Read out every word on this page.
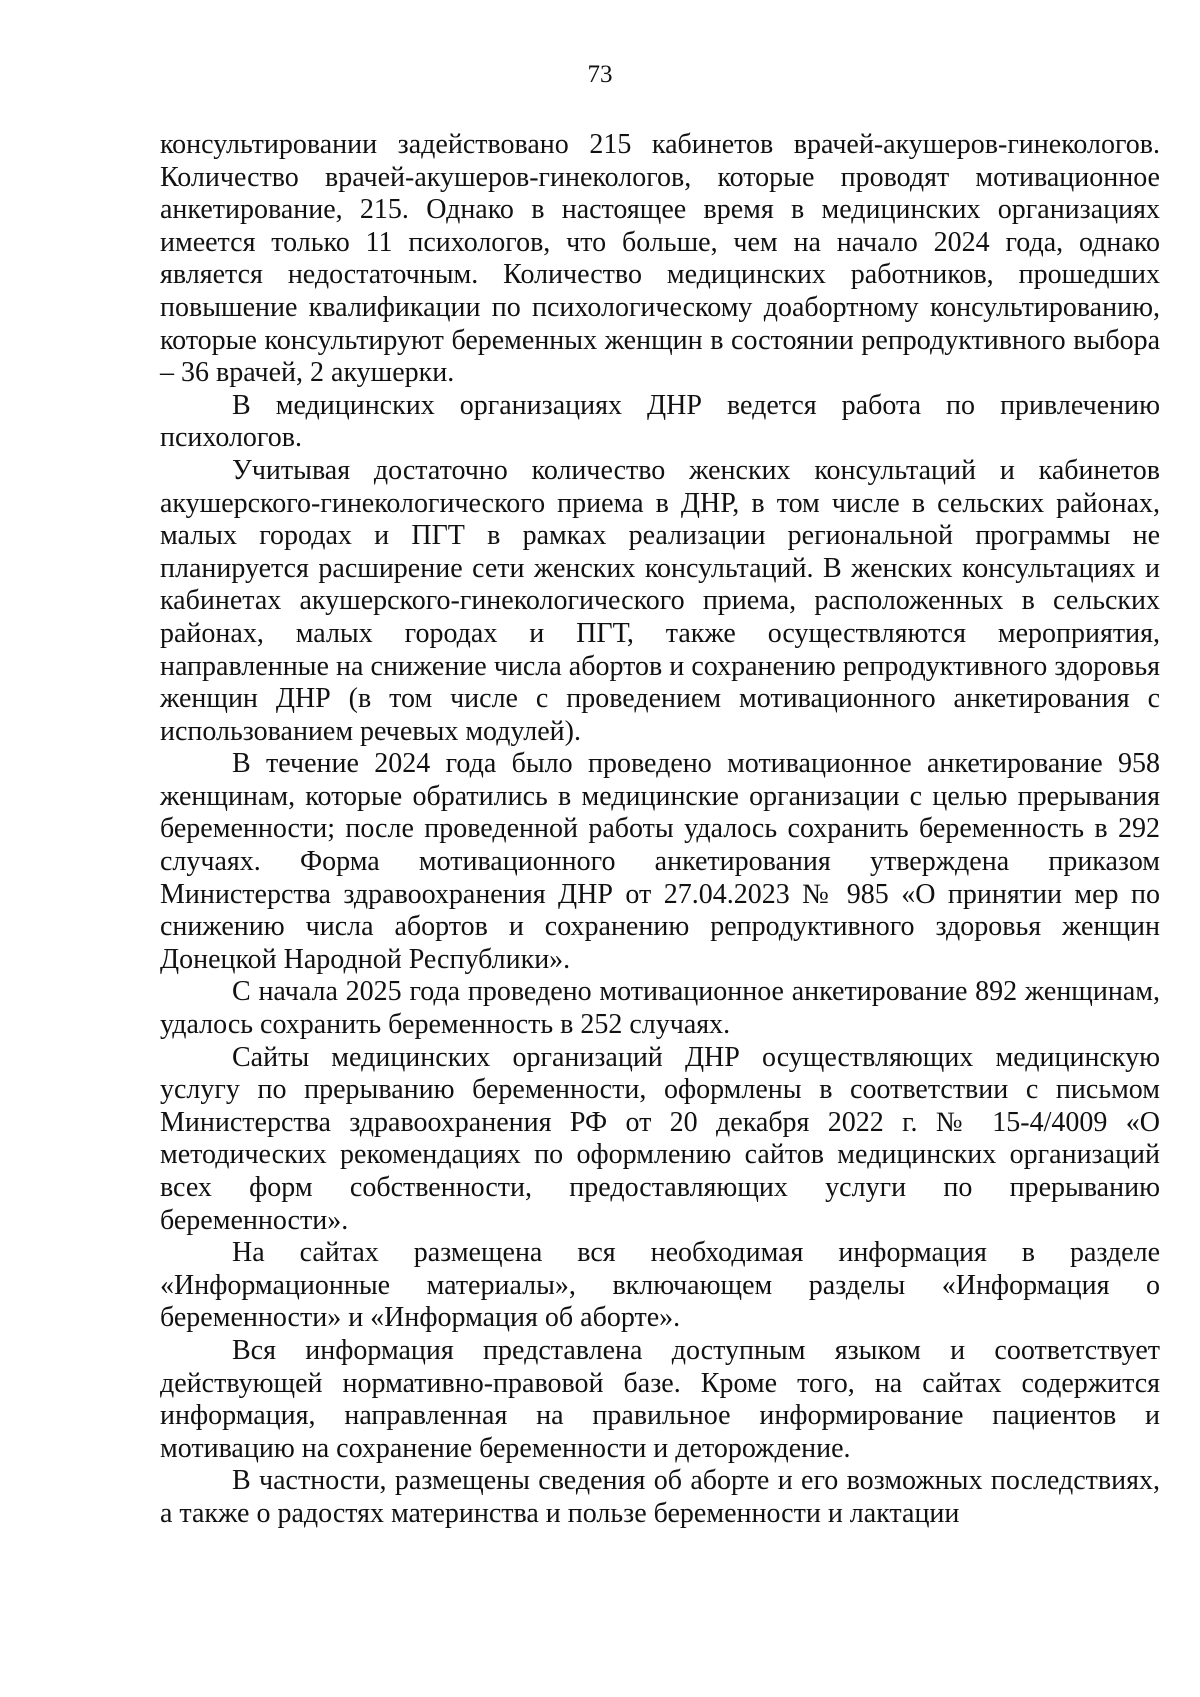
73

консультировании задействовано 215 кабинетов врачей-акушеров-гинекологов. Количество врачей-акушеров-гинекологов, которые проводят мотивационное анкетирование, 215. Однако в настоящее время в медицинских организациях имеется только 11 психологов, что больше, чем на начало 2024 года, однако является недостаточным. Количество медицинских работников, прошедших повышение квалификации по психологическому доабортному консультированию, которые консультируют беременных женщин в состоянии репродуктивного выбора – 36 врачей, 2 акушерки.

В медицинских организациях ДНР ведется работа по привлечению психологов.

Учитывая достаточно количество женских консультаций и кабинетов акушерского-гинекологического приема в ДНР, в том числе в сельских районах, малых городах и ПГТ в рамках реализации региональной программы не планируется расширение сети женских консультаций. В женских консультациях и кабинетах акушерского-гинекологического приема, расположенных в сельских районах, малых городах и ПГТ, также осуществляются мероприятия, направленные на снижение числа абортов и сохранению репродуктивного здоровья женщин ДНР (в том числе с проведением мотивационного анкетирования с использованием речевых модулей).

В течение 2024 года было проведено мотивационное анкетирование 958 женщинам, которые обратились в медицинские организации с целью прерывания беременности; после проведенной работы удалось сохранить беременность в 292 случаях. Форма мотивационного анкетирования утверждена приказом Министерства здравоохранения ДНР от 27.04.2023 № 985 «О принятии мер по снижению числа абортов и сохранению репродуктивного здоровья женщин Донецкой Народной Республики».

С начала 2025 года проведено мотивационное анкетирование 892 женщинам, удалось сохранить беременность в 252 случаях.

Сайты медицинских организаций ДНР осуществляющих медицинскую услугу по прерыванию беременности, оформлены в соответствии с письмом Министерства здравоохранения РФ от 20 декабря 2022 г. № 15-4/4009 «О методических рекомендациях по оформлению сайтов медицинских организаций всех форм собственности, предоставляющих услуги по прерыванию беременности».

На сайтах размещена вся необходимая информация в разделе «Информационные материалы», включающем разделы «Информация о беременности» и «Информация об аборте».

Вся информация представлена доступным языком и соответствует действующей нормативно-правовой базе. Кроме того, на сайтах содержится информация, направленная на правильное информирование пациентов и мотивацию на сохранение беременности и деторождение.

В частности, размещены сведения об аборте и его возможных последствиях, а также о радостях материнства и пользе беременности и лактации
